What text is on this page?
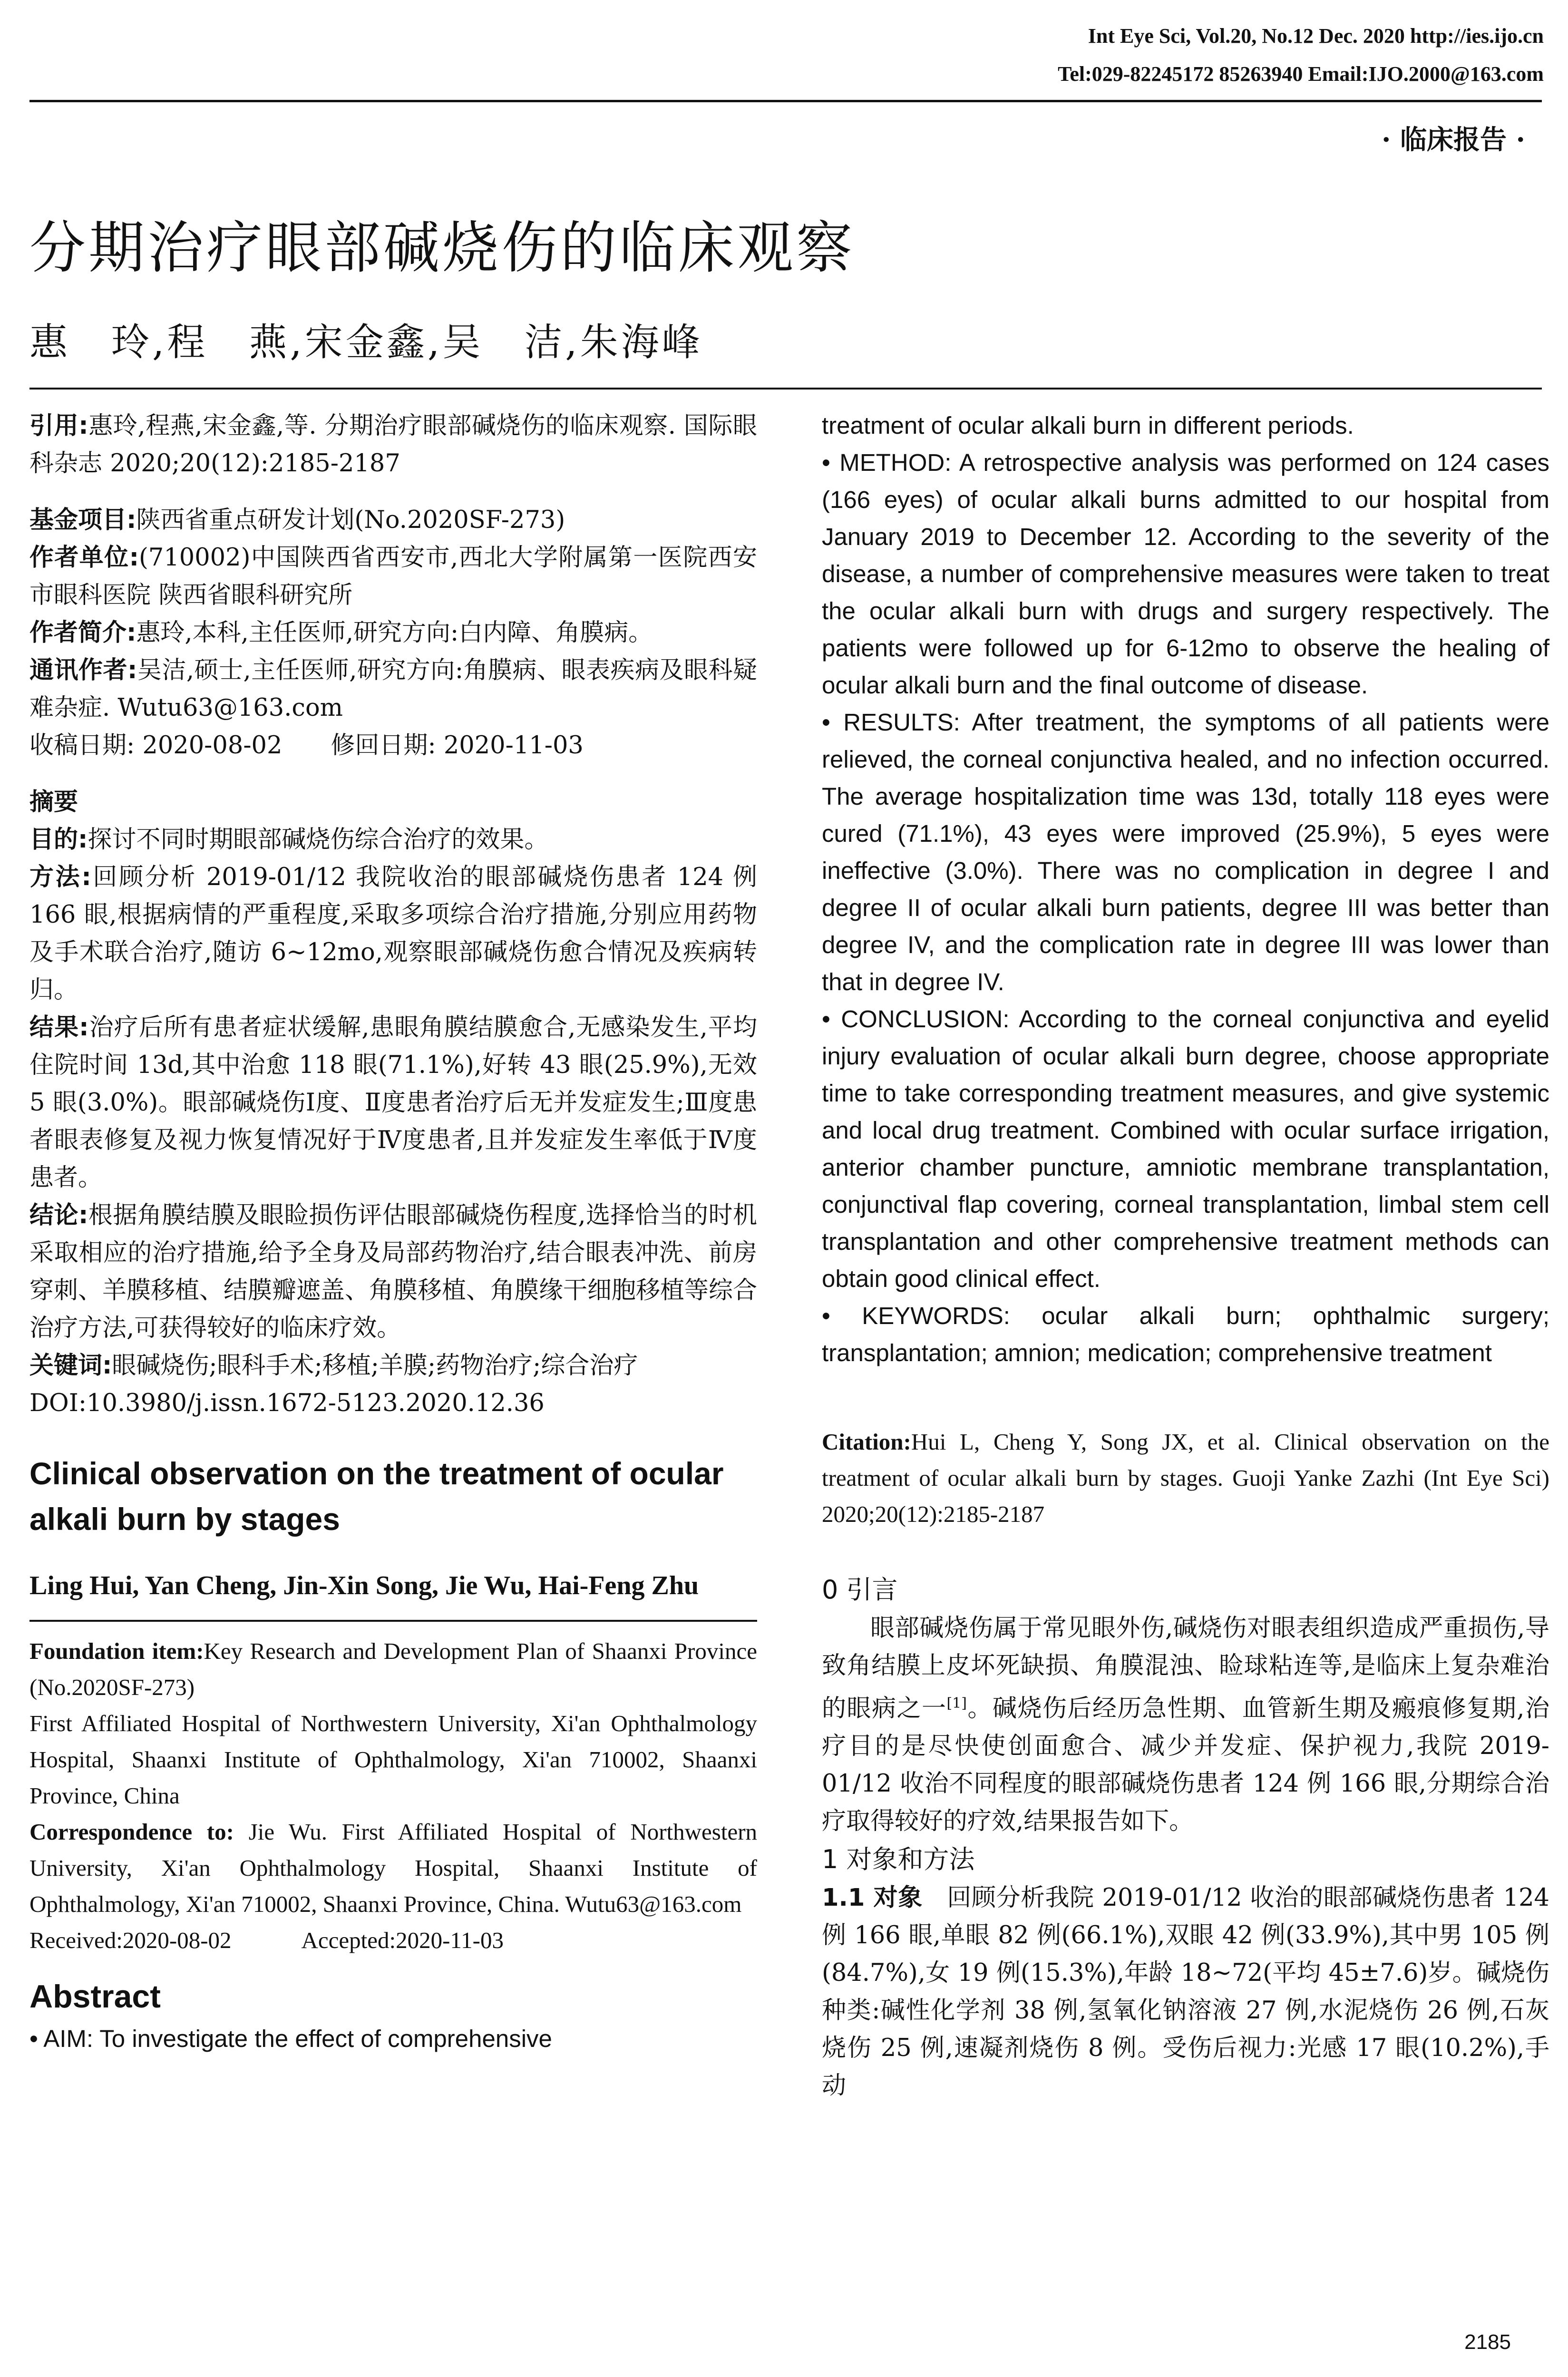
Int Eye Sci, Vol.20, No.12 Dec. 2020 http://ies.ijo.cn
Tel:029-82245172 85263940 Email:IJO.2000@163.com
· 临床报告 ·
分期治疗眼部碱烧伤的临床观察
惠　玲,程　燕,宋金鑫,吴　洁,朱海峰

引用:惠玲,程燕,宋金鑫,等. 分期治疗眼部碱烧伤的临床观察. 国际眼科杂志 2020;20(12):2185-2187

基金项目:陕西省重点研发计划(No.2020SF-273)

作者单位:(710002)中国陕西省西安市,西北大学附属第一医院西安市眼科医院 陕西省眼科研究所

作者简介:惠玲,本科,主任医师,研究方向:白内障、角膜病。

通讯作者:吴洁,硕士,主任医师,研究方向:角膜病、眼表疾病及眼科疑难杂症. Wutu63@163.com

收稿日期: 2020-08-02　　修回日期: 2020-11-03

摘要

目的:探讨不同时期眼部碱烧伤综合治疗的效果。

方法:回顾分析 2019-01/12 我院收治的眼部碱烧伤患者 124 例 166 眼,根据病情的严重程度,采取多项综合治疗措施,分别应用药物及手术联合治疗,随访 6~12mo,观察眼部碱烧伤愈合情况及疾病转归。

结果:治疗后所有患者症状缓解,患眼角膜结膜愈合,无感染发生,平均住院时间 13d,其中治愈 118 眼(71.1%),好转 43 眼(25.9%),无效 5 眼(3.0%)。眼部碱烧伤Ⅰ度、Ⅱ度患者治疗后无并发症发生;Ⅲ度患者眼表修复及视力恢复情况好于Ⅳ度患者,且并发症发生率低于Ⅳ度患者。

结论:根据角膜结膜及眼睑损伤评估眼部碱烧伤程度,选择恰当的时机采取相应的治疗措施,给予全身及局部药物治疗,结合眼表冲洗、前房穿刺、羊膜移植、结膜瓣遮盖、角膜移植、角膜缘干细胞移植等综合治疗方法,可获得较好的临床疗效。

关键词:眼碱烧伤;眼科手术;移植;羊膜;药物治疗;综合治疗

DOI:10.3980/j.issn.1672-5123.2020.12.36

Clinical observation on the treatment of ocular alkali burn by stages

Ling Hui, Yan Cheng, Jin-Xin Song, Jie Wu, Hai-Feng Zhu

Foundation item:Key Research and Development Plan of Shaanxi Province (No.2020SF-273)

First Affiliated Hospital of Northwestern University, Xi'an Ophthalmology Hospital, Shaanxi Institute of Ophthalmology, Xi'an 710002, Shaanxi Province, China

Correspondence to: Jie Wu. First Affiliated Hospital of Northwestern University, Xi'an Ophthalmology Hospital, Shaanxi Institute of Ophthalmology, Xi'an 710002, Shaanxi Province, China. Wutu63@163.com

Received:2020-08-02　　　Accepted:2020-11-03

Abstract

• AIM: To investigate the effect of comprehensive

treatment of ocular alkali burn in different periods.

• METHOD: A retrospective analysis was performed on 124 cases (166 eyes) of ocular alkali burns admitted to our hospital from January 2019 to December 12. According to the severity of the disease, a number of comprehensive measures were taken to treat the ocular alkali burn with drugs and surgery respectively. The patients were followed up for 6-12mo to observe the healing of ocular alkali burn and the final outcome of disease.

• RESULTS: After treatment, the symptoms of all patients were relieved, the corneal conjunctiva healed, and no infection occurred. The average hospitalization time was 13d, totally 118 eyes were cured (71.1%), 43 eyes were improved (25.9%), 5 eyes were ineffective (3.0%). There was no complication in degree I and degree II of ocular alkali burn patients, degree III was better than degree IV, and the complication rate in degree III was lower than that in degree IV.

• CONCLUSION: According to the corneal conjunctiva and eyelid injury evaluation of ocular alkali burn degree, choose appropriate time to take corresponding treatment measures, and give systemic and local drug treatment. Combined with ocular surface irrigation, anterior chamber puncture, amniotic membrane transplantation, conjunctival flap covering, corneal transplantation, limbal stem cell transplantation and other comprehensive treatment methods can obtain good clinical effect.

• KEYWORDS: ocular alkali burn; ophthalmic surgery; transplantation; amnion; medication; comprehensive treatment

Citation:Hui L, Cheng Y, Song JX, et al. Clinical observation on the treatment of ocular alkali burn by stages. Guoji Yanke Zazhi (Int Eye Sci) 2020;20(12):2185-2187

0 引言

眼部碱烧伤属于常见眼外伤,碱烧伤对眼表组织造成严重损伤,导致角结膜上皮坏死缺损、角膜混浊、睑球粘连等,是临床上复杂难治的眼病之一[1]。碱烧伤后经历急性期、血管新生期及瘢痕修复期,治疗目的是尽快使创面愈合、减少并发症、保护视力,我院 2019-01/12 收治不同程度的眼部碱烧伤患者 124 例 166 眼,分期综合治疗取得较好的疗效,结果报告如下。

1 对象和方法

1.1 对象　 回顾分析我院 2019-01/12 收治的眼部碱烧伤患者 124 例 166 眼,单眼 82 例(66.1%),双眼 42 例(33.9%),其中男 105 例(84.7%),女 19 例(15.3%),年龄 18~72(平均 45±7.6)岁。碱烧伤种类:碱性化学剂 38 例,氢氧化钠溶液 27 例,水泥烧伤 26 例,石灰烧伤 25 例,速凝剂烧伤 8 例。受伤后视力:光感 17 眼(10.2%),手动

2185
